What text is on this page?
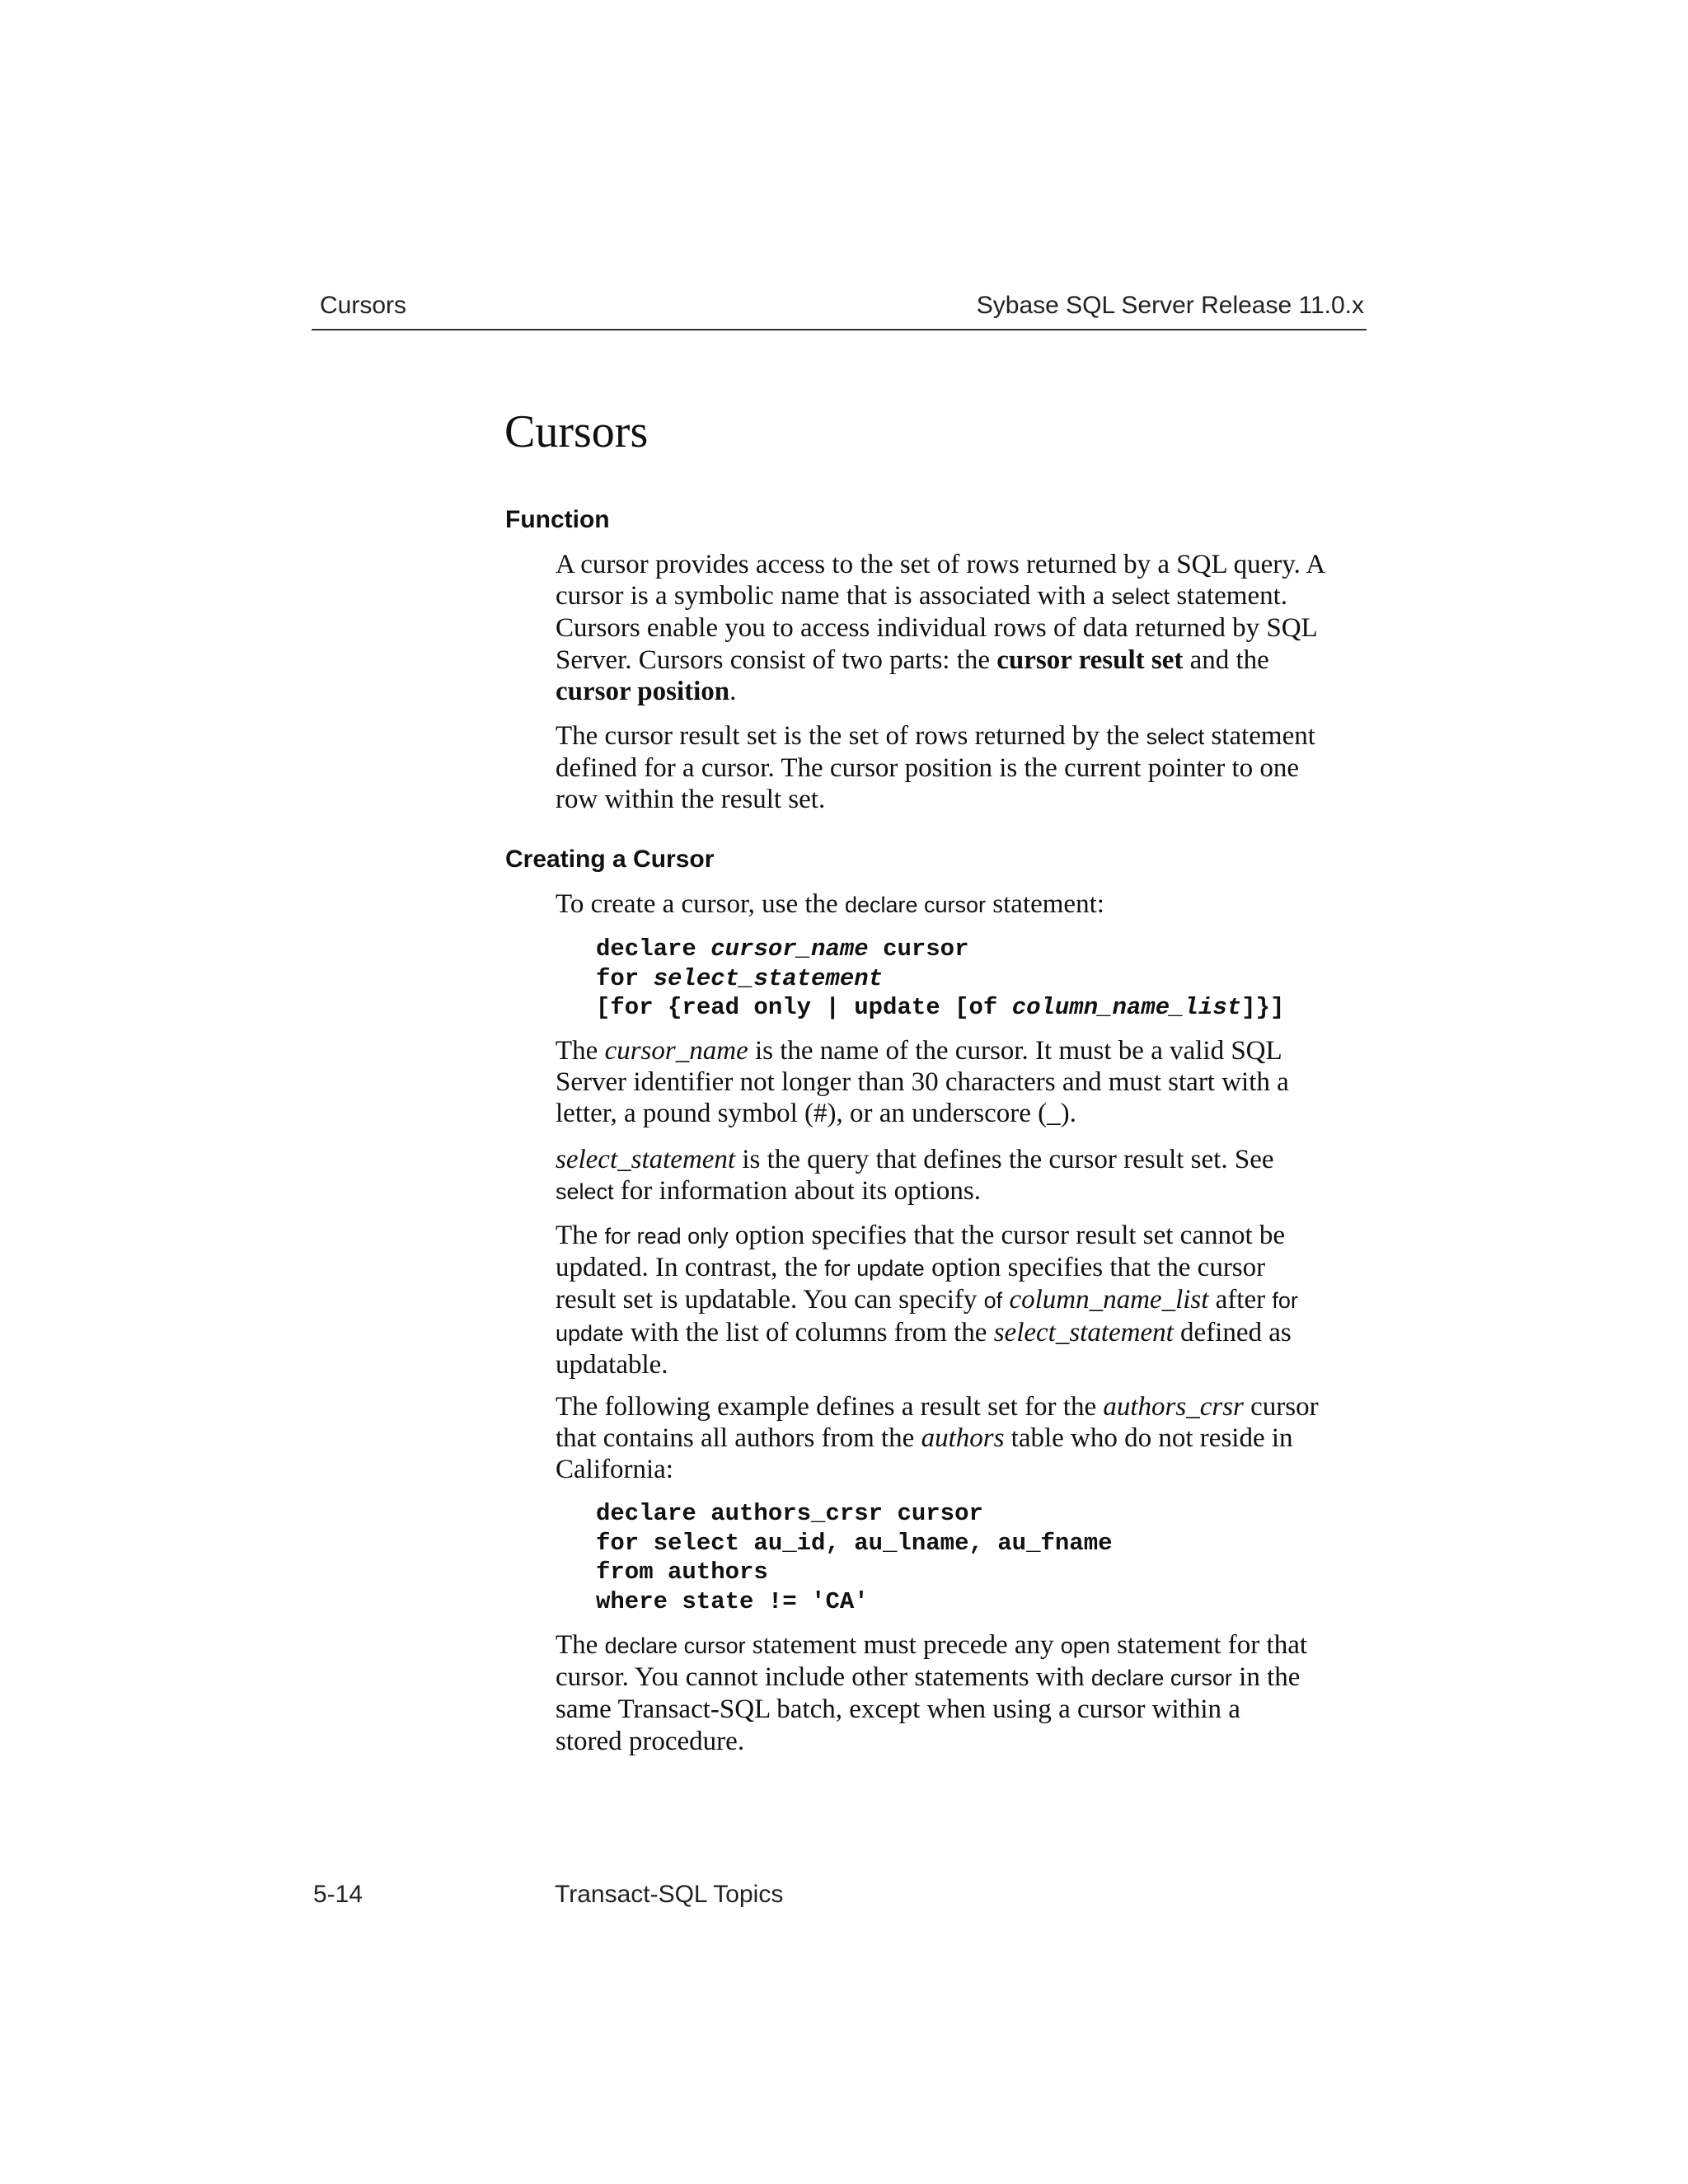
Cursors	Sybase SQL Server Release 11.0.x
Cursors
Function

A cursor provides access to the set of rows returned by a SQL query. A
cursor is a symbolic name that is associated with a select statement.
Cursors enable you to access individual rows of data returned by SQL
Server. Cursors consist of two parts: the cursor result set and the
cursor position.

The cursor result set is the set of rows returned by the select statement
defined for a cursor. The cursor position is the current pointer to one
row within the result set.

Creating a Cursor

To create a cursor, use the declare cursor statement:

declare cursor_name cursor
for select_statement
[for {read only | update [of column_name_list]}]

The cursor_name is the name of the cursor. It must be a valid SQL
Server identifier not longer than 30 characters and must start with a
letter, a pound symbol (#), or an underscore (_).

select_statement is the query that defines the cursor result set. See
select for information about its options.

The for read only option specifies that the cursor result set cannot be
updated. In contrast, the for update option specifies that the cursor
result set is updatable. You can specify of column_name_list after for
update with the list of columns from the select_statement defined as
updatable.

The following example defines a result set for the authors_crsr cursor
that contains all authors from the authors table who do not reside in
California:

declare authors_crsr cursor
for select au_id, au_lname, au_fname
from authors
where state != 'CA'

The declare cursor statement must precede any open statement for that
cursor. You cannot include other statements with declare cursor in the
same Transact-SQL batch, except when using a cursor within a
stored procedure.

5-14	Transact-SQL Topics
